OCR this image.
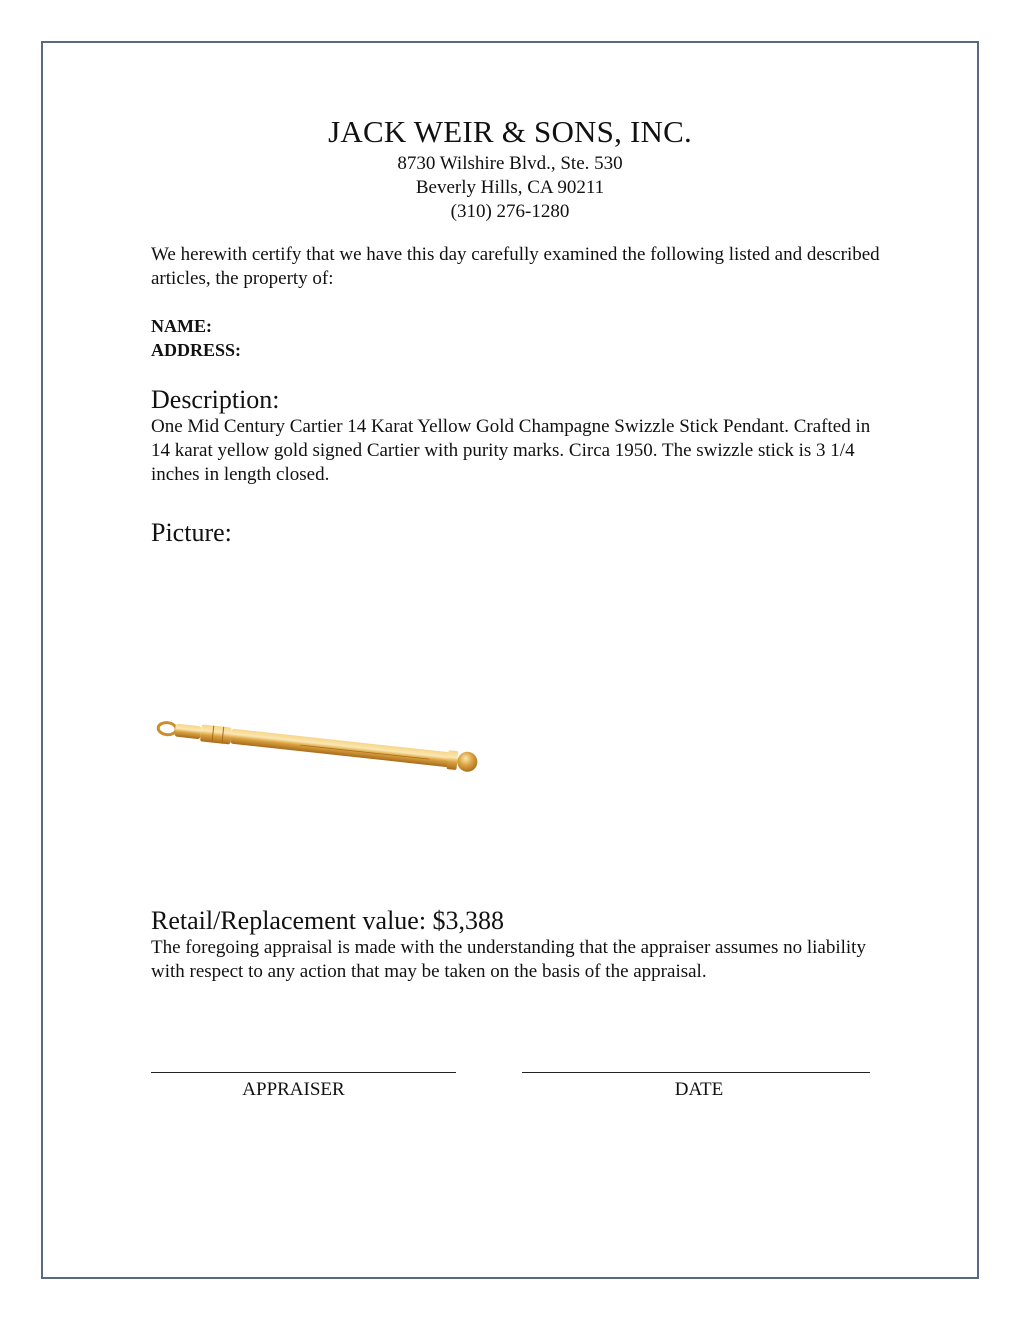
JACK WEIR & SONS, INC.
8730 Wilshire Blvd., Ste. 530
Beverly Hills, CA 90211
(310) 276-1280
We herewith certify that we have this day carefully examined the following listed and described articles, the property of:
NAME:
ADDRESS:
Description:
One Mid Century Cartier 14 Karat Yellow Gold Champagne Swizzle Stick Pendant. Crafted in 14 karat yellow gold signed Cartier with purity marks. Circa 1950. The swizzle stick is 3 1/4 inches in length closed.
Picture:
Retail/Replacement value: $3,388
The foregoing appraisal is made with the understanding that the appraiser assumes no liability with respect to any action that may be taken on the basis of the appraisal.
APPRAISER	DATE
